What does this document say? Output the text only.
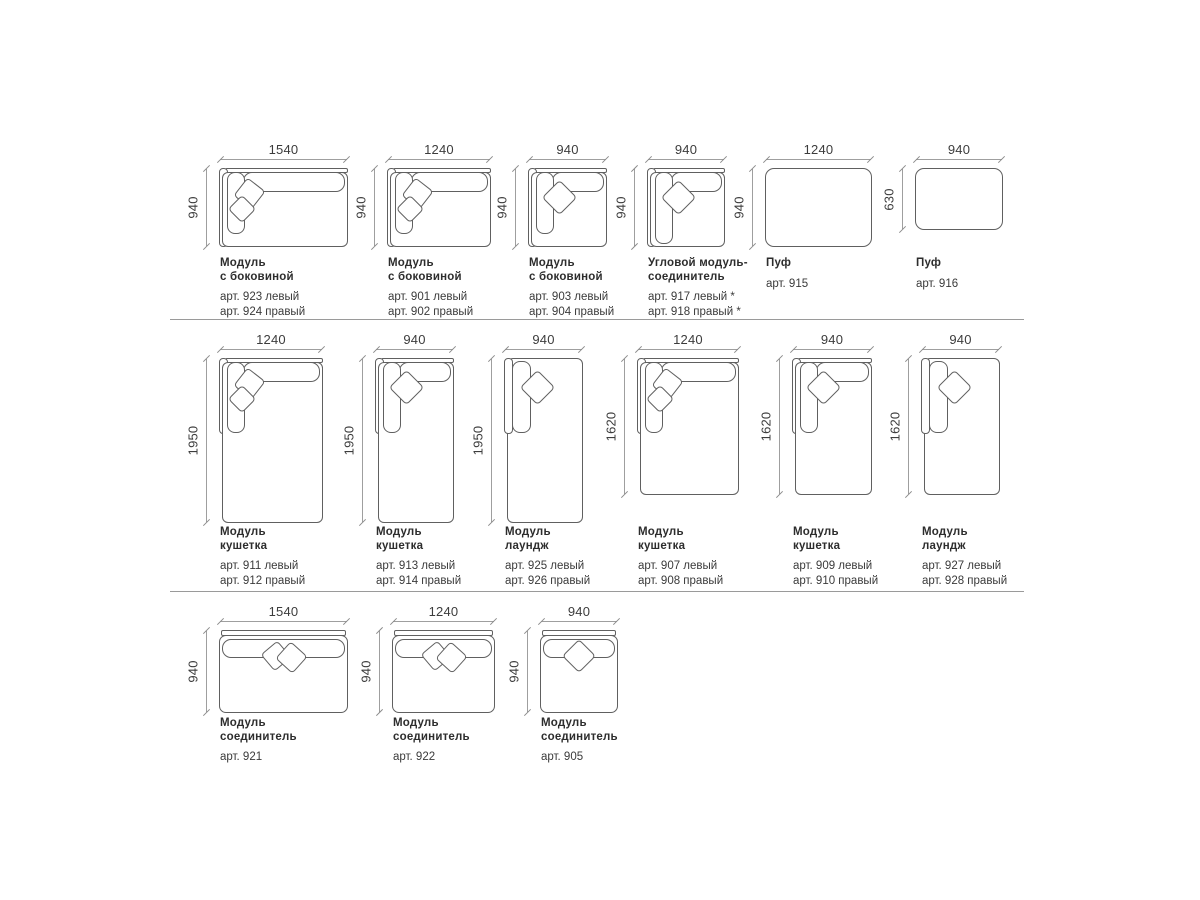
1540
940
Модуль
с боковиной
арт. 923 левый
арт. 924 правый
1240
940
Модуль
с боковиной
арт. 901 левый
арт. 902 правый
940
940
Модуль
с боковиной
арт. 903 левый
арт. 904 правый
940
940
Угловой модуль-
соединитель
арт. 917 левый *
арт. 918 правый *
1240
940
Пуф
арт. 915
940
630
Пуф
арт. 916
1240
1950
Модуль
кушетка
арт. 911 левый
арт. 912 правый
940
1950
Модуль
кушетка
арт. 913 левый
арт. 914 правый
940
1950
Модуль
лаундж
арт. 925 левый
арт. 926 правый
1240
1620
Модуль
кушетка
арт. 907 левый
арт. 908 правый
940
1620
Модуль
кушетка
арт. 909 левый
арт. 910 правый
940
1620
Модуль
лаундж
арт. 927 левый
арт. 928 правый
1540
940
Модуль
соединитель
арт. 921
1240
940
Модуль
соединитель
арт. 922
940
940
Модуль
соединитель
арт. 905
